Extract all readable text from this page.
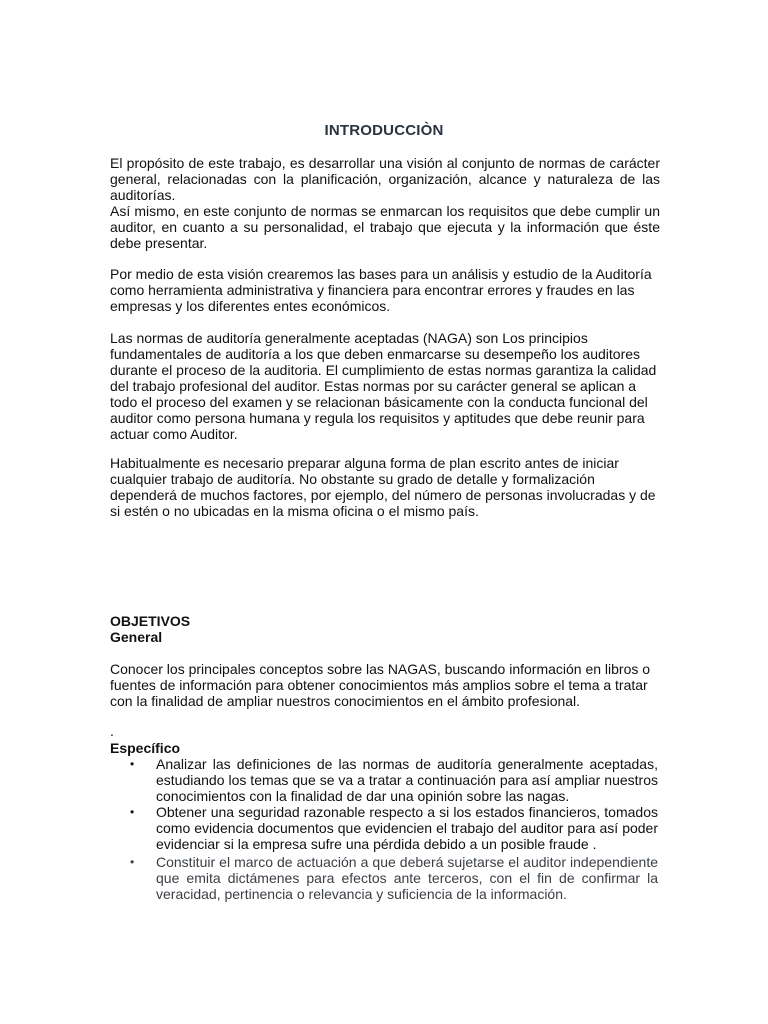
INTRODUCCIÒN

El propósito de este trabajo, es desarrollar una visión al conjunto de normas de carácter general, relacionadas con la planificación, organización, alcance y naturaleza de las auditorías.

Así mismo, en este conjunto de normas se enmarcan los requisitos que debe cumplir un auditor, en cuanto a su personalidad, el trabajo que ejecuta y la información que éste debe presentar.

Por medio de esta visión crearemos las bases para un análisis y estudio de la Auditoría como herramienta administrativa y financiera para encontrar errores y fraudes en las empresas y los diferentes entes económicos.

Las normas de auditoría generalmente aceptadas (NAGA) son Los principios fundamentales de auditoría a los que deben enmarcarse su desempeño los auditores durante el proceso de la auditoria. El cumplimiento de estas normas garantiza la calidad del trabajo profesional del auditor. Estas normas por su carácter general se aplican a todo el proceso del examen y se relacionan básicamente con la conducta funcional del auditor como persona humana y regula los requisitos y aptitudes que debe reunir para actuar como Auditor.

Habitualmente es necesario preparar alguna forma de plan escrito antes de iniciar cualquier trabajo de auditoría. No obstante su grado de detalle y formalización dependerá de muchos factores, por ejemplo, del número de personas involucradas y de si estén o no ubicadas en la misma oficina o el mismo país.

OBJETIVOS
General

Conocer los principales conceptos sobre las NAGAS, buscando información en libros o fuentes de información para obtener conocimientos más amplios sobre el tema a tratar con la finalidad de ampliar nuestros conocimientos en el ámbito profesional.

.
Específico
• Analizar las definiciones de las normas de auditoría generalmente aceptadas, estudiando los temas que se va a tratar a continuación para así ampliar nuestros conocimientos con la finalidad de dar una opinión sobre las nagas.
• Obtener una seguridad razonable respecto a si los estados financieros, tomados como evidencia documentos que evidencien el trabajo del auditor para así poder evidenciar si la empresa sufre una pérdida debido a un posible fraude .
• Constituir el marco de actuación a que deberá sujetarse el auditor independiente que emita dictámenes para efectos ante terceros, con el fin de confirmar la veracidad, pertinencia o relevancia y suficiencia de la información.
